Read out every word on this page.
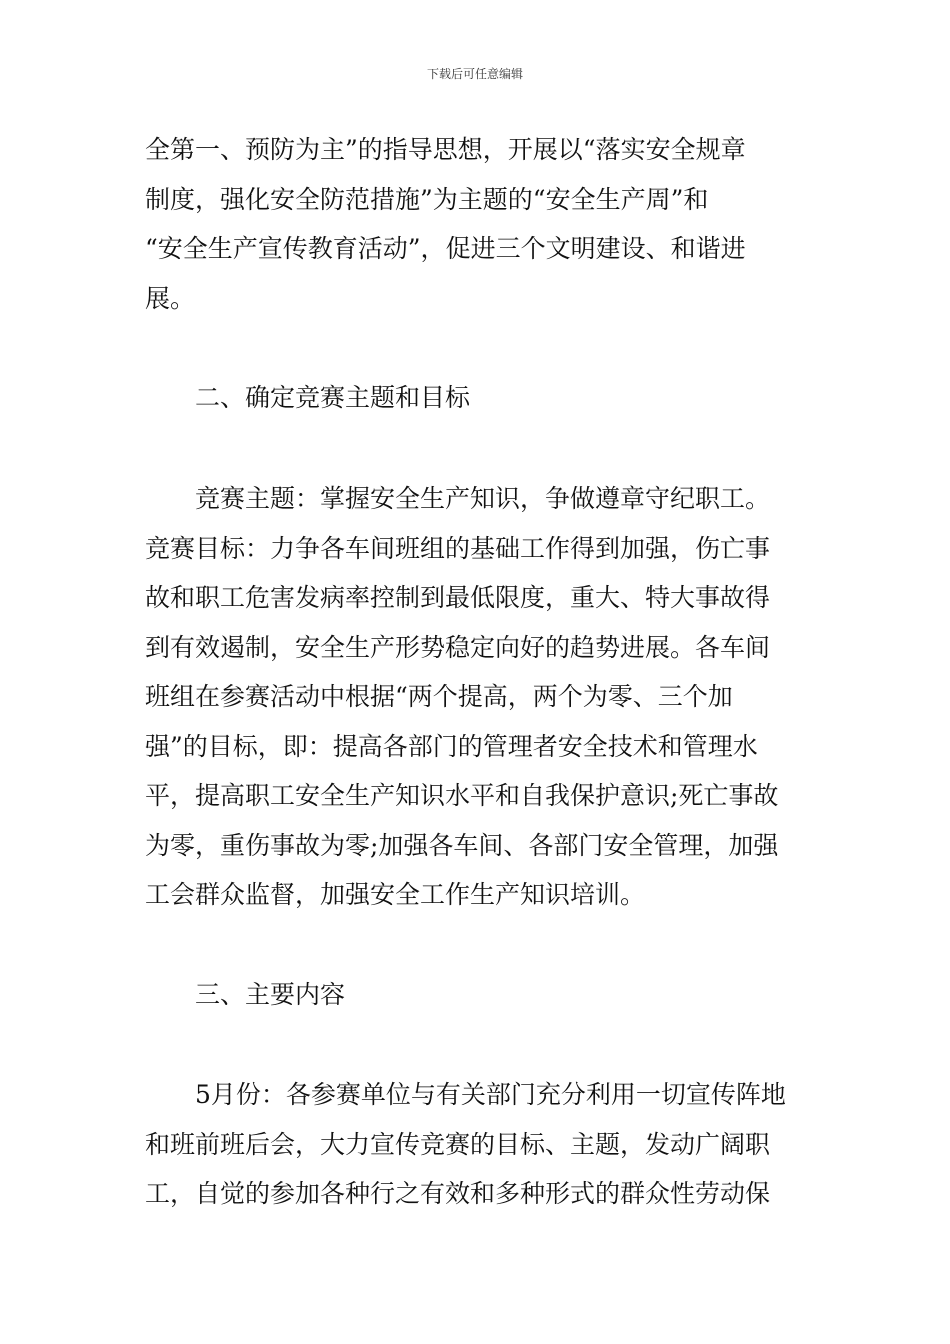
下载后可任意编辑
全第一、预防为主”的指导思想，开展以“落实安全规章
制度，强化安全防范措施”为主题的“安全生产周”和
“安全生产宣传教育活动”，促进三个文明建设、和谐进
展。
二、确定竞赛主题和目标
竞赛主题：掌握安全生产知识，争做遵章守纪职工。
竞赛目标：力争各车间班组的基础工作得到加强，伤亡事
故和职工危害发病率控制到最低限度，重大、特大事故得
到有效遏制，安全生产形势稳定向好的趋势进展。各车间
班组在参赛活动中根据“两个提高，两个为零、三个加
强”的目标，即：提高各部门的管理者安全技术和管理水
平，提高职工安全生产知识水平和自我保护意识;死亡事故
为零，重伤事故为零;加强各车间、各部门安全管理，加强
工会群众监督，加强安全工作生产知识培训。
三、主要内容
5月份：各参赛单位与有关部门充分利用一切宣传阵地
和班前班后会，大力宣传竞赛的目标、主题，发动广阔职
工，自觉的参加各种行之有效和多种形式的群众性劳动保
